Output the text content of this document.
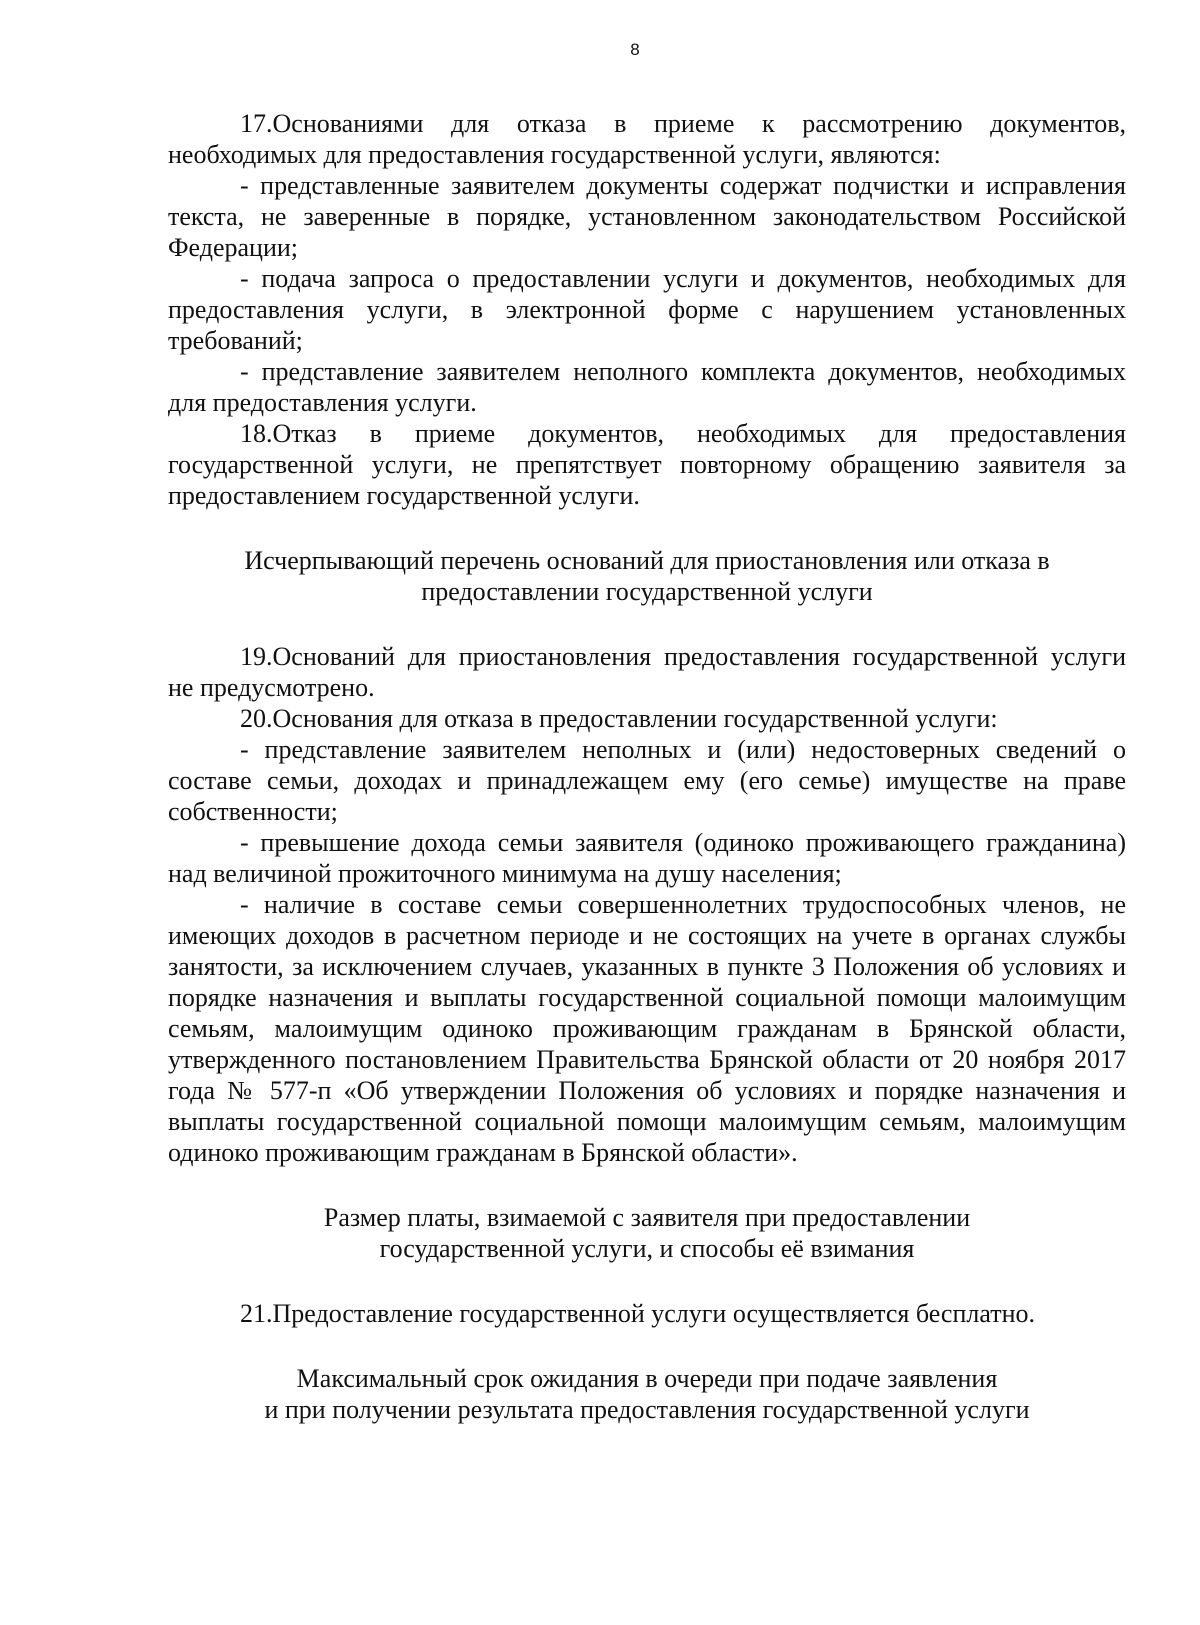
8

17.Основаниями для отказа в приеме к рассмотрению документов, необходимых для предоставления государственной услуги, являются:

- представленные заявителем документы содержат подчистки и исправления текста, не заверенные в порядке, установленном законодательством Российской Федерации;

- подача запроса о предоставлении услуги и документов, необходимых для предоставления услуги, в электронной форме с нарушением установленных требований;

- представление заявителем неполного комплекта документов, необходимых для предоставления услуги.

18.Отказ в приеме документов, необходимых для предоставления государственной услуги, не препятствует повторному обращению заявителя за предоставлением государственной услуги.

Исчерпывающий перечень оснований для приостановления или отказа в
предоставлении государственной услуги

19.Оснований для приостановления предоставления государственной услуги не предусмотрено.

20.Основания для отказа в предоставлении государственной услуги:

- представление заявителем неполных и (или) недостоверных сведений о составе семьи, доходах и принадлежащем ему (его семье) имуществе на праве собственности;

- превышение дохода семьи заявителя (одиноко проживающего гражданина) над величиной прожиточного минимума на душу населения;

- наличие в составе семьи совершеннолетних трудоспособных членов, не имеющих доходов в расчетном периоде и не состоящих на учете в органах службы занятости, за исключением случаев, указанных в пункте 3 Положения об условиях и порядке назначения и выплаты государственной социальной помощи малоимущим семьям, малоимущим одиноко проживающим гражданам в Брянской области, утвержденного постановлением Правительства Брянской области от 20 ноября 2017 года № 577-п «Об утверждении Положения об условиях и порядке назначения и выплаты государственной социальной помощи малоимущим семьям, малоимущим одиноко проживающим гражданам в Брянской области».

Размер платы, взимаемой с заявителя при предоставлении
государственной услуги, и способы её взимания

21.Предоставление государственной услуги осуществляется бесплатно.

Максимальный срок ожидания в очереди при подаче заявления
и при получении результата предоставления государственной услуги
